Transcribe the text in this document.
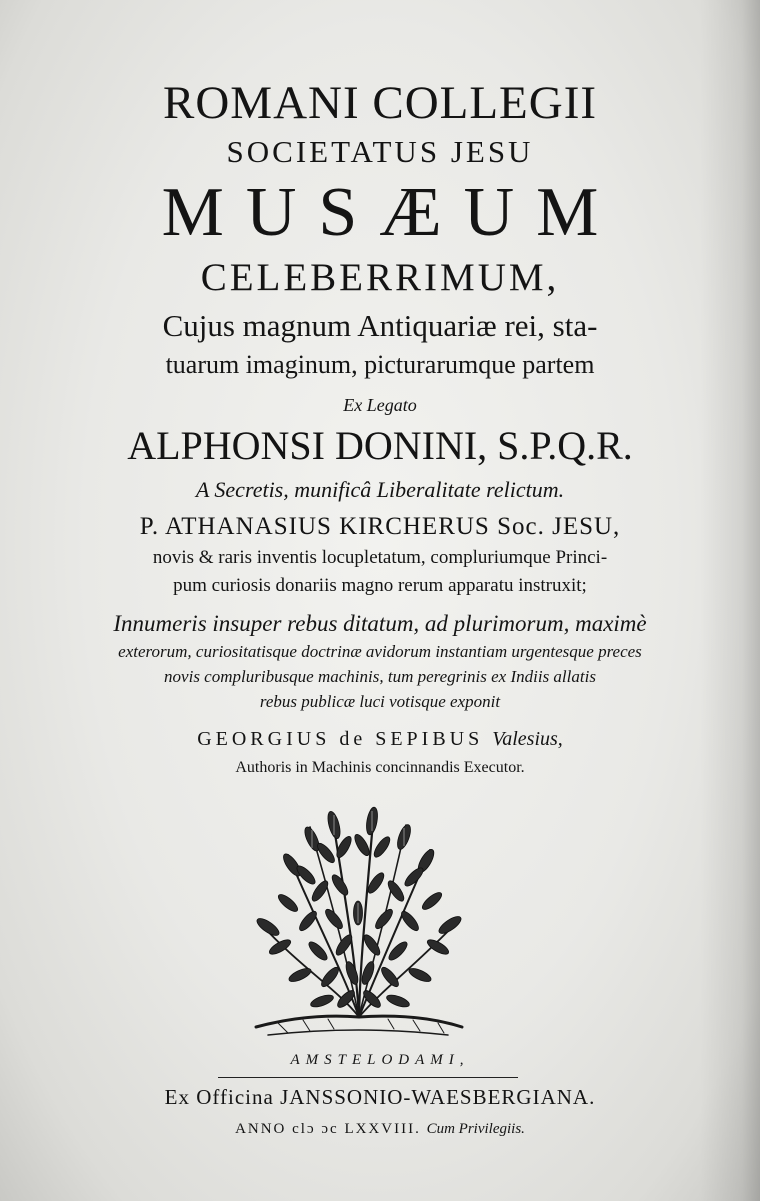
ROMANI COLLEGII
SOCIETATUS JESU
MUSÆUM
CELEBERRIMUM,
Cujus magnum Antiquariæ rei, sta-
tuarum imaginum, picturarumque partem
Ex Legato
ALPHONSI DONINI, S.P.Q.R.
A Secretis, munificâ Liberalitate relictum.
P. ATHANASIUS KIRCHERUS Soc. JESU,
novis & raris inventis locupletatum, compluriumque Princi-
pum curiosis donariis magno rerum apparatu instruxit;
Innumeris insuper rebus ditatum, ad plurimorum, maximè
exterorum, curiositatisque doctrinæ avidorum instantiam urgentesque preces
novis compluribusque machinis, tum peregrinis ex Indiis allatis
rebus publicæ luci votisque exponit
GEORGIUS de SEPIBUS Valesius,
Authoris in Machinis concinnandis Executor.
AMSTELODAMI,
Ex Officina JANSSONIO-WAESBERGIANA.
ANNO clɔ ɔc LXXVIII. Cum Privilegiis.
